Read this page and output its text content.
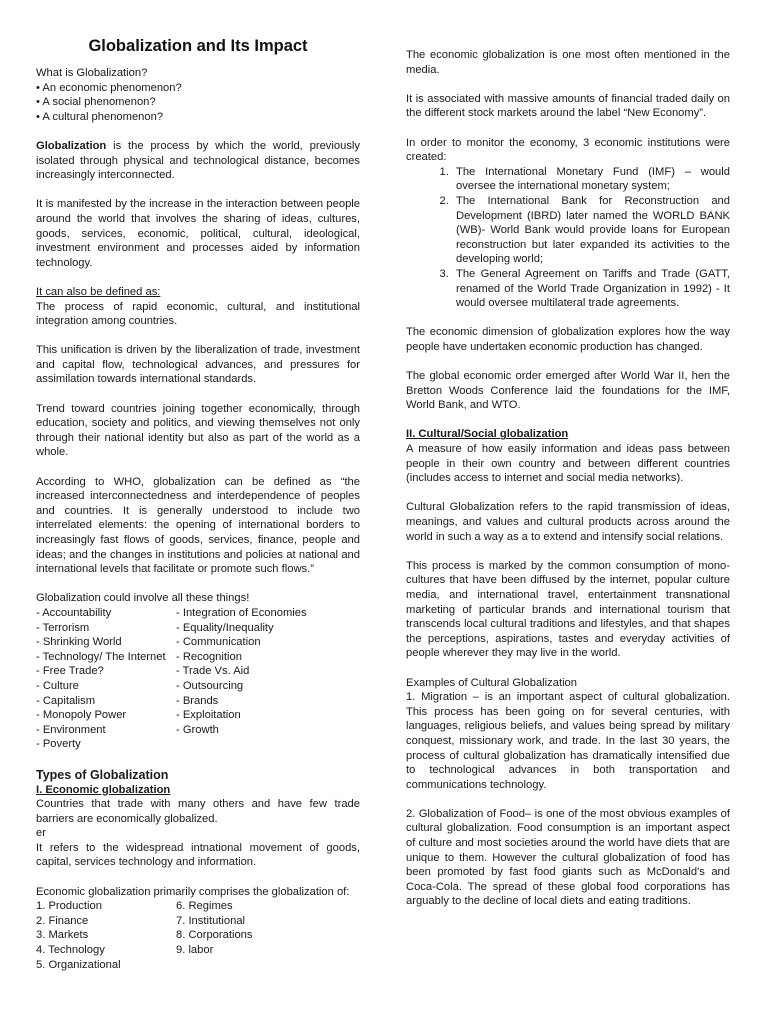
Globalization and Its Impact
What is Globalization?
• An economic phenomenon?
• A social phenomenon?
• A cultural phenomenon?

Globalization is the process by which the world, previously isolated through physical and technological distance, becomes increasingly interconnected.

It is manifested by the increase in the interaction between people around the world that involves the sharing of ideas, cultures, goods, services, economic, political, cultural, ideological, investment environment and processes aided by information technology.

It can also be defined as:
The process of rapid economic, cultural, and institutional integration among countries.

This unification is driven by the liberalization of trade, investment and capital flow, technological advances, and pressures for assimilation towards international standards.

Trend toward countries joining together economically, through education, society and politics, and viewing themselves not only through their national identity but also as part of the world as a whole.

According to WHO, globalization can be defined as “the increased interconnectedness and interdependence of peoples and countries. It is generally understood to include two interrelated elements: the opening of international borders to increasingly fast flows of goods, services, finance, people and ideas; and the changes in institutions and policies at national and international levels that facilitate or promote such flows.”

Globalization could involve all these things!
- Accountability
- Terrorism
- Shrinking World
- Technology/ The Internet
- Free Trade?
- Culture
- Capitalism
- Monopoly Power
- Environment
- Poverty
- Integration of Economies
- Equality/Inequality
- Communication
- Recognition
- Trade Vs. Aid
- Outsourcing
- Brands
- Exploitation
- Growth
Types of Globalization
I. Economic globalization
Countries that trade with many others and have few trade barriers are economically globalized.
er

It refers to the widespread intnational movement of goods, capital, services technology and information.

Economic globalization primarily comprises the globalization of:
1. Production
2. Finance
3. Markets
4. Technology
5. Organizational
6. Regimes
7. Institutional
8. Corporations
9. labor

The economic globalization is one most often mentioned in the media.

It is associated with massive amounts of financial traded daily on the different stock markets around the label “New Economy”.

In order to monitor the economy, 3 economic institutions were created:
1. The International Monetary Fund (IMF) – would oversee the international monetary system;
2. The International Bank for Reconstruction and Development (IBRD) later named the WORLD BANK (WB)- World Bank would provide loans for European reconstruction but later expanded its activities to the developing world;
3. The General Agreement on Tariffs and Trade (GATT, renamed of the World Trade Organization in 1992) - It would oversee multilateral trade agreements.

The economic dimension of globalization explores how the way people have undertaken economic production has changed.

The global economic order emerged after World War II, hen the Bretton Woods Conference laid the foundations for the IMF, World Bank, and WTO.

II. Cultural/Social globalization

A measure of how easily information and ideas pass between people in their own country and between different countries (includes access to internet and social media networks).

Cultural Globalization refers to the rapid transmission of ideas, meanings, and values and cultural products across around the world in such a way as a to extend and intensify social relations.

This process is marked by the common consumption of mono-cultures that have been diffused by the internet, popular culture media, and international travel, entertainment transnational marketing of particular brands and international tourism that transcends local cultural traditions and lifestyles, and that shapes the perceptions, aspirations, tastes and everyday activities of people wherever they may live in the world.

Examples of Cultural Globalization

1. Migration – is an important aspect of cultural globalization. This process has been going on for several centuries, with languages, religious beliefs, and values being spread by military conquest, missionary work, and trade. In the last 30 years, the process of cultural globalization has dramatically intensified due to technological advances in both transportation and communications technology.

2. Globalization of Food– is one of the most obvious examples of cultural globalization. Food consumption is an important aspect of culture and most societies around the world have diets that are unique to them. However the cultural globalization of food has been promoted by fast food giants such as McDonald's and Coca-Cola. The spread of these global food corporations has arguably to the decline of local diets and eating traditions.
